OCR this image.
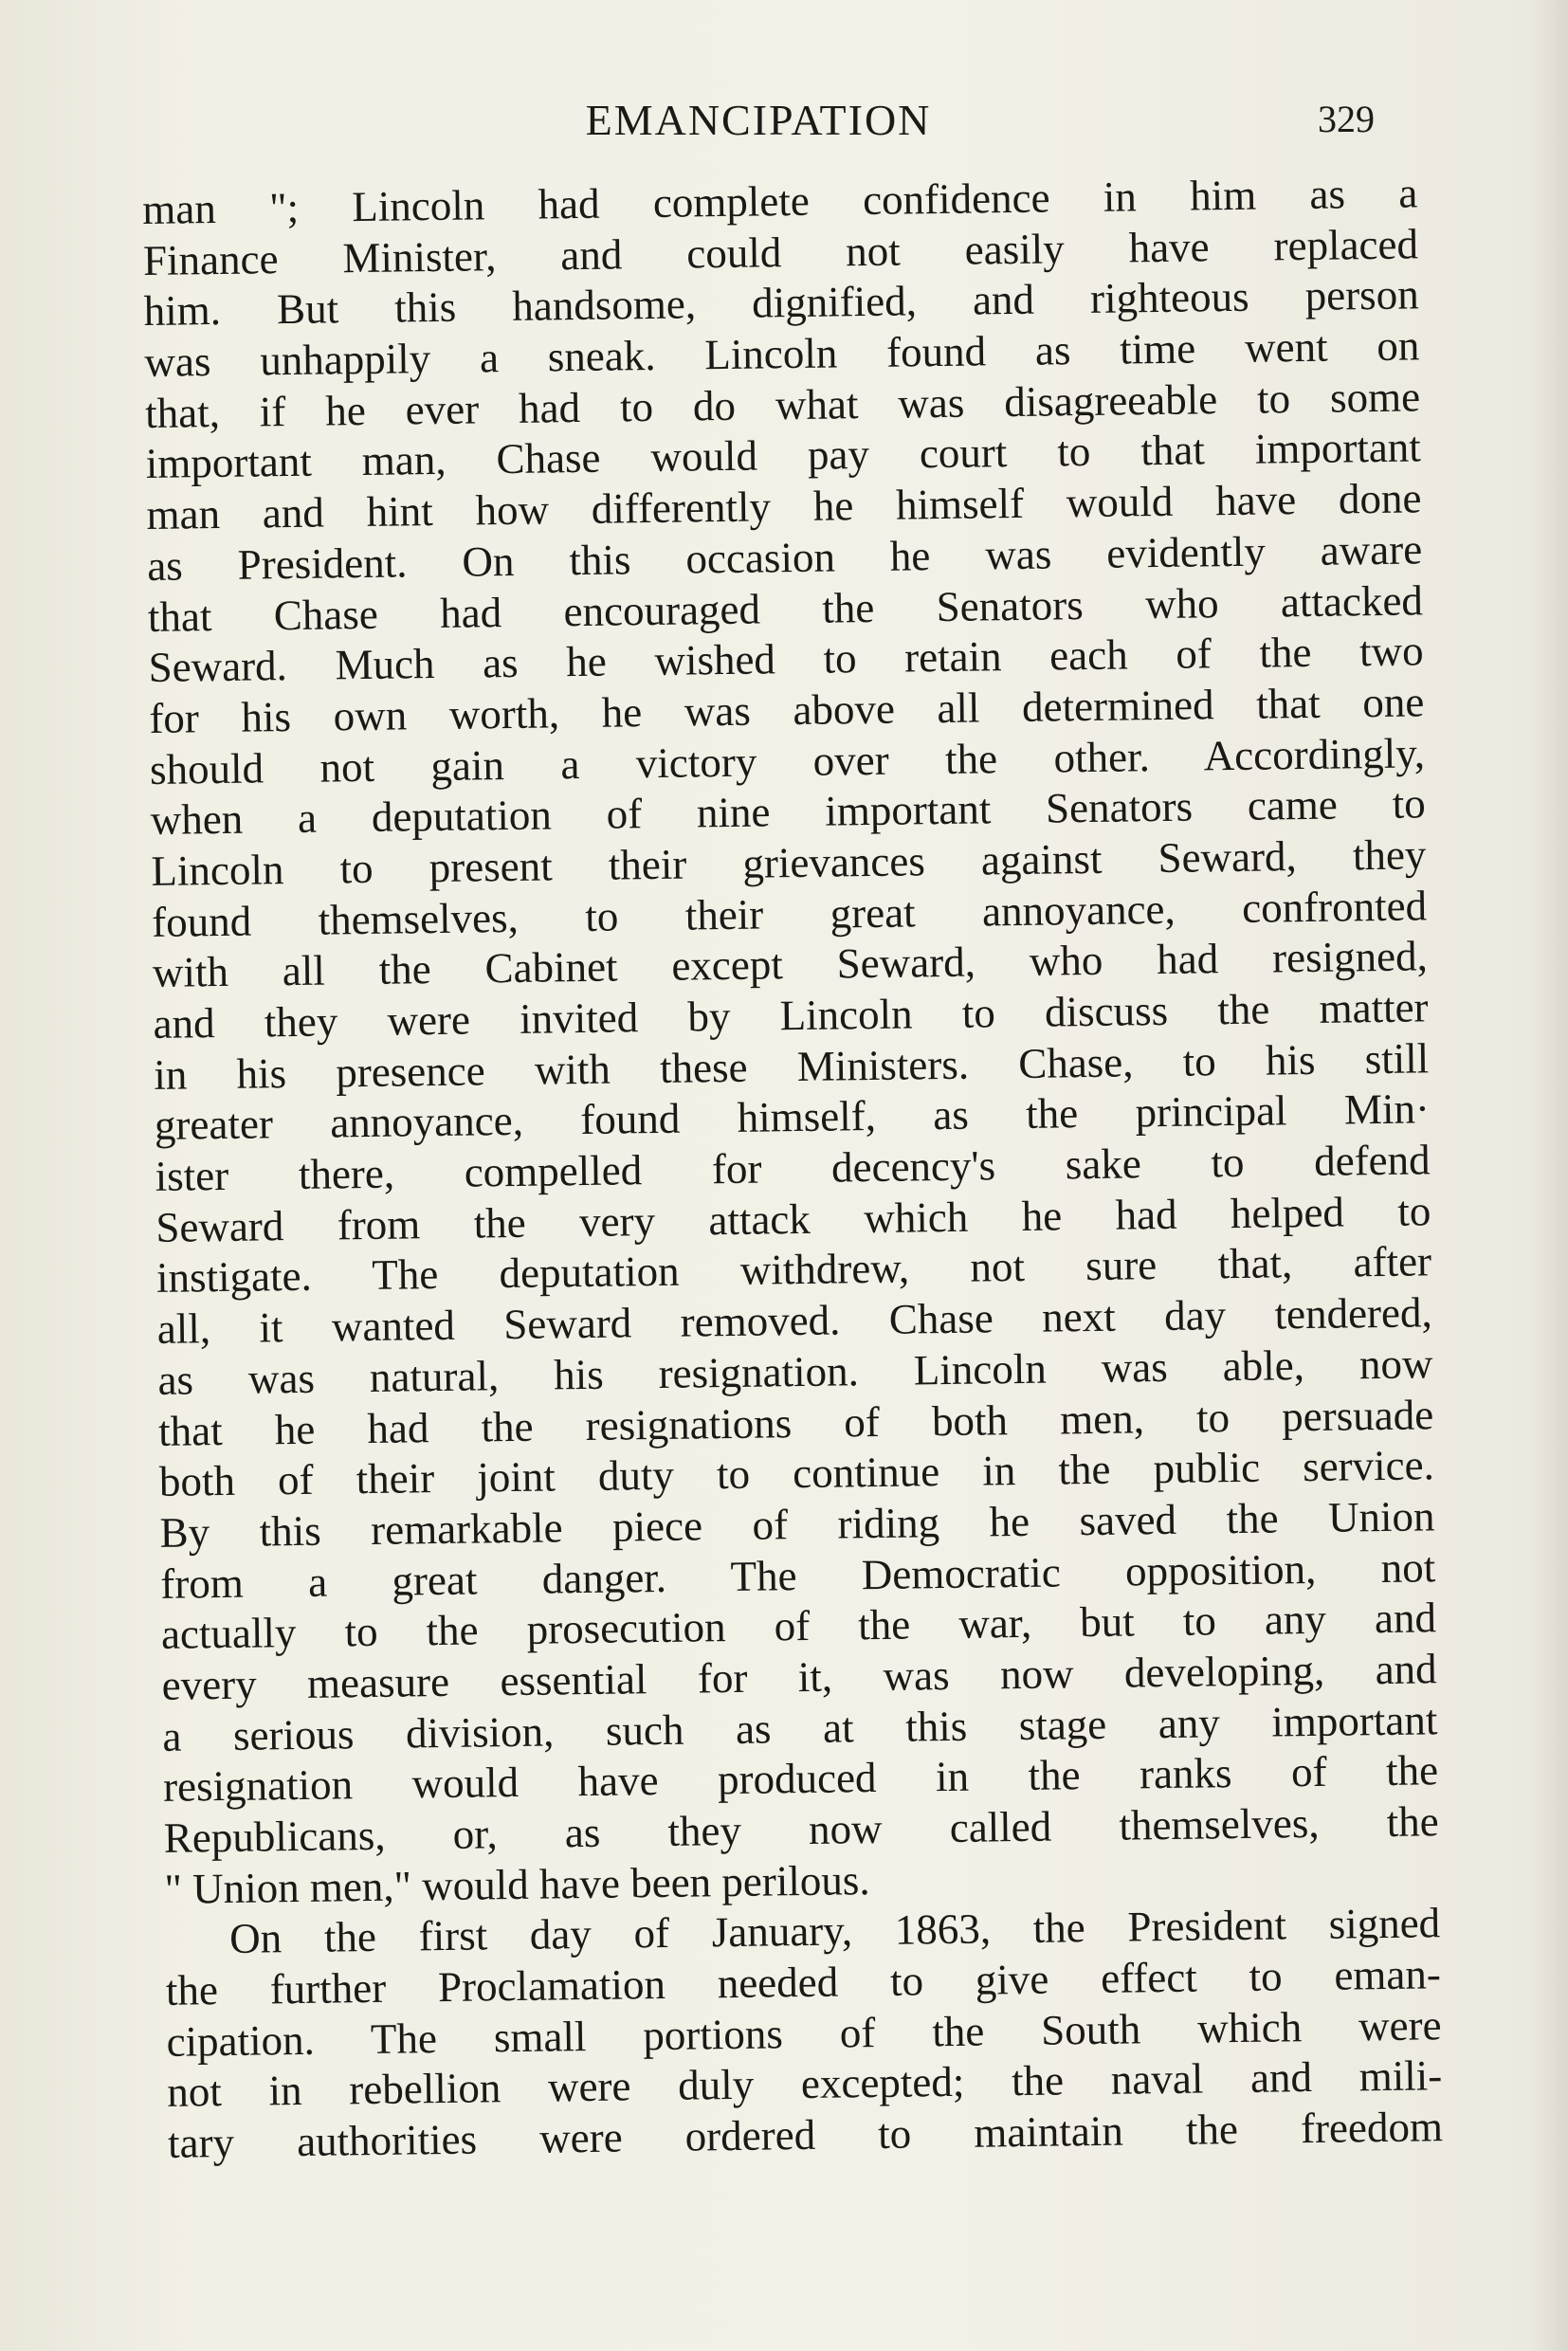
EMANCIPATION	329
man "; Lincoln had complete confidence in him as a
Finance Minister, and could not easily have replaced
him. But this handsome, dignified, and righteous person
was unhappily a sneak. Lincoln found as time went on
that, if he ever had to do what was disagreeable to some
important man, Chase would pay court to that important
man and hint how differently he himself would have done
as President. On this occasion he was evidently aware
that Chase had encouraged the Senators who attacked
Seward. Much as he wished to retain each of the two
for his own worth, he was above all determined that one
should not gain a victory over the other. Accordingly,
when a deputation of nine important Senators came to
Lincoln to present their grievances against Seward, they
found themselves, to their great annoyance, confronted
with all the Cabinet except Seward, who had resigned,
and they were invited by Lincoln to discuss the matter
in his presence with these Ministers. Chase, to his still
greater annoyance, found himself, as the principal Min·
ister there, compelled for decency's sake to defend
Seward from the very attack which he had helped to
instigate. The deputation withdrew, not sure that, after
all, it wanted Seward removed. Chase next day tendered,
as was natural, his resignation. Lincoln was able, now
that he had the resignations of both men, to persuade
both of their joint duty to continue in the public service.
By this remarkable piece of riding he saved the Union
from a great danger. The Democratic opposition, not
actually to the prosecution of the war, but to any and
every measure essential for it, was now developing, and
a serious division, such as at this stage any important
resignation would have produced in the ranks of the
Republicans, or, as they now called themselves, the
" Union men," would have been perilous.
On the first day of January, 1863, the President signed
the further Proclamation needed to give effect to eman-
cipation. The small portions of the South which were
not in rebellion were duly excepted; the naval and mili-
tary authorities were ordered to maintain the freedom
